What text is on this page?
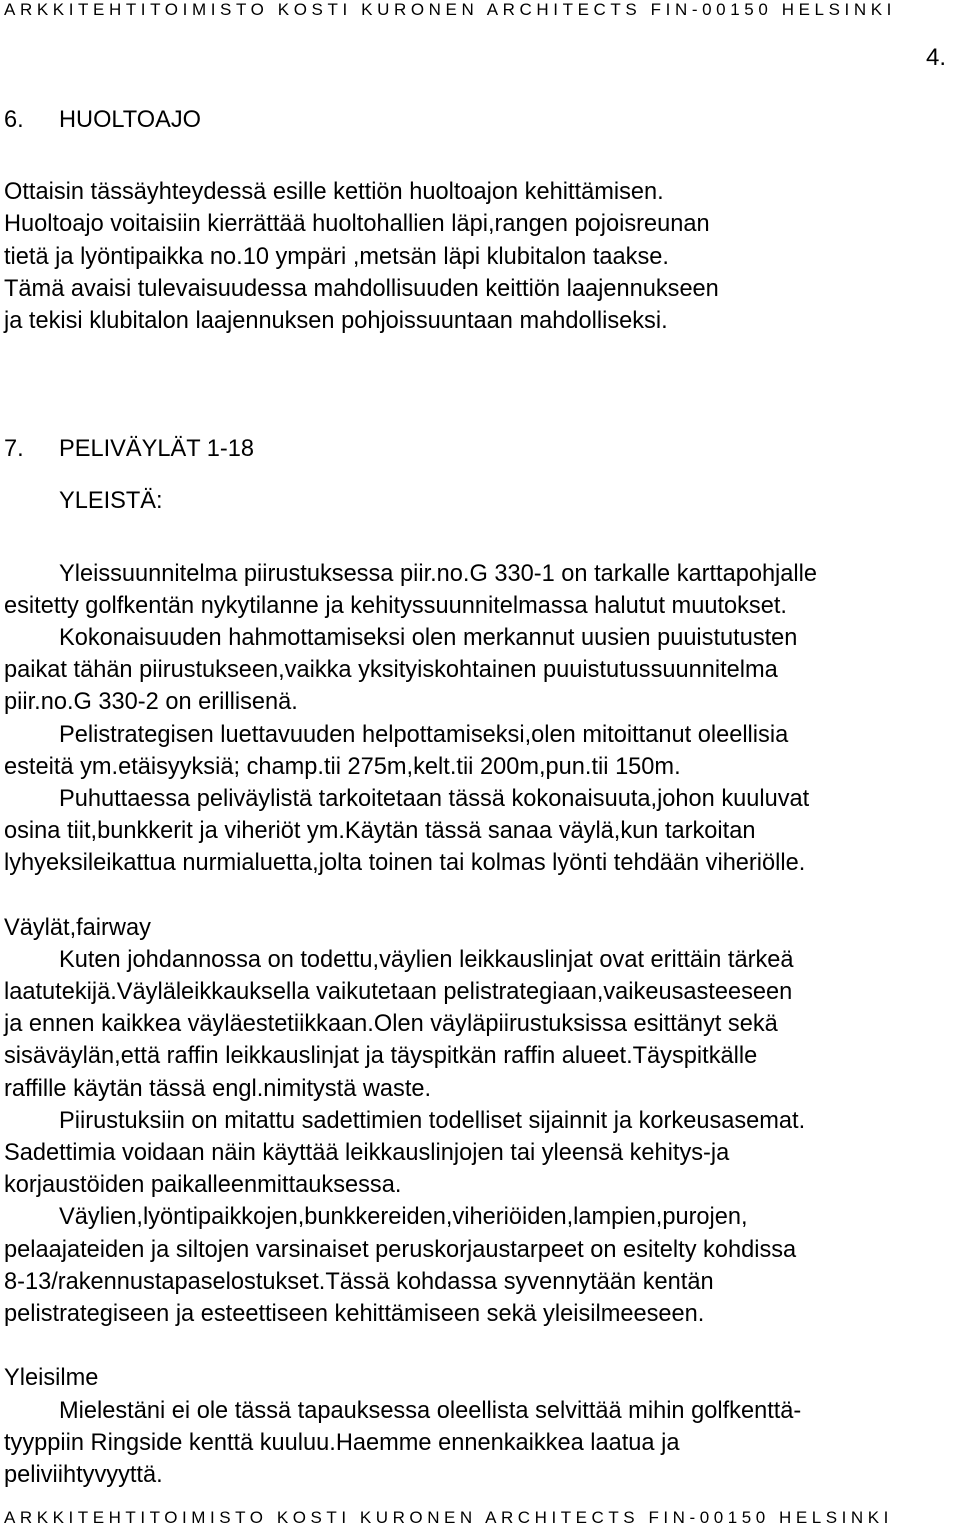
ARKKITEHTITOIMISTO KOSTI KURONEN ARCHITECTS FIN-00150 HELSINKI
4.
6.	HUOLTOAJO

Ottaisin tässäyhteydessä esille kettiön huoltoajon kehittämisen.
Huoltoajo voitaisiin kierrättää huoltohallien läpi,rangen pojoisreunan
tietä ja lyöntipaikka no.10 ympäri ,metsän läpi klubitalon taakse.
Tämä avaisi tulevaisuudessa mahdollisuuden keittiön laajennukseen
ja tekisi klubitalon laajennuksen pohjoissuuntaan mahdolliseksi.

7.	PELIVÄYLÄT 1-18

YLEISTÄ:

Yleissuunnitelma piirustuksessa piir.no.G 330-1 on tarkalle karttapohjalle

esitetty golfkentän nykytilanne ja kehityssuunnitelmassa halutut muutokset.

Kokonaisuuden hahmottamiseksi olen merkannut uusien puuistutusten

paikat tähän piirustukseen,vaikka yksityiskohtainen puuistutussuunnitelma
piir.no.G 330-2 on erillisenä.

Pelistrategisen luettavuuden helpottamiseksi,olen mitoittanut oleellisia

esteitä ym.etäisyyksiä; champ.tii 275m,kelt.tii 200m,pun.tii 150m.

Puhuttaessa peliväylistä tarkoitetaan tässä kokonaisuuta,johon kuuluvat

osina tiit,bunkkerit ja viheriöt ym.Käytän tässä sanaa väylä,kun tarkoitan
lyhyeksileikattua nurmialuetta,jolta toinen tai kolmas lyönti tehdään viheriölle.

Väylät,fairway

Kuten johdannossa on todettu,väylien leikkauslinjat ovat erittäin tärkeä

laatutekijä.Väyläleikkauksella vaikutetaan pelistrategiaan,vaikeusasteeseen
ja ennen kaikkea väyläestetiikkaan.Olen väyläpiirustuksissa esittänyt sekä
sisäväylän,että raffin leikkauslinjat ja täyspitkän raffin alueet.Täyspitkälle
raffille käytän tässä engl.nimitystä waste.

Piirustuksiin on mitattu sadettimien todelliset sijainnit ja korkeusasemat.

Sadettimia voidaan näin käyttää leikkauslinjojen tai yleensä kehitys-ja
korjaustöiden paikalleenmittauksessa.

Väylien,lyöntipaikkojen,bunkkereiden,viheriöiden,lampien,purojen,

pelaajateiden ja siltojen varsinaiset peruskorjaustarpeet on esitelty kohdissa
8-13/rakennustapaselostukset.Tässä kohdassa syvennytään kentän
pelistrategiseen ja esteettiseen kehittämiseen sekä yleisilmeeseen.

Yleisilme

Mielestäni ei ole tässä tapauksessa oleellista selvittää mihin golfkenttä-

tyyppiin Ringside kenttä kuuluu.Haemme ennenkaikkea laatua ja
peliviihtyvyyttä.

ARKKITEHTITOIMISTO KOSTI KURONEN ARCHITECTS FIN-00150 HELSINKI
